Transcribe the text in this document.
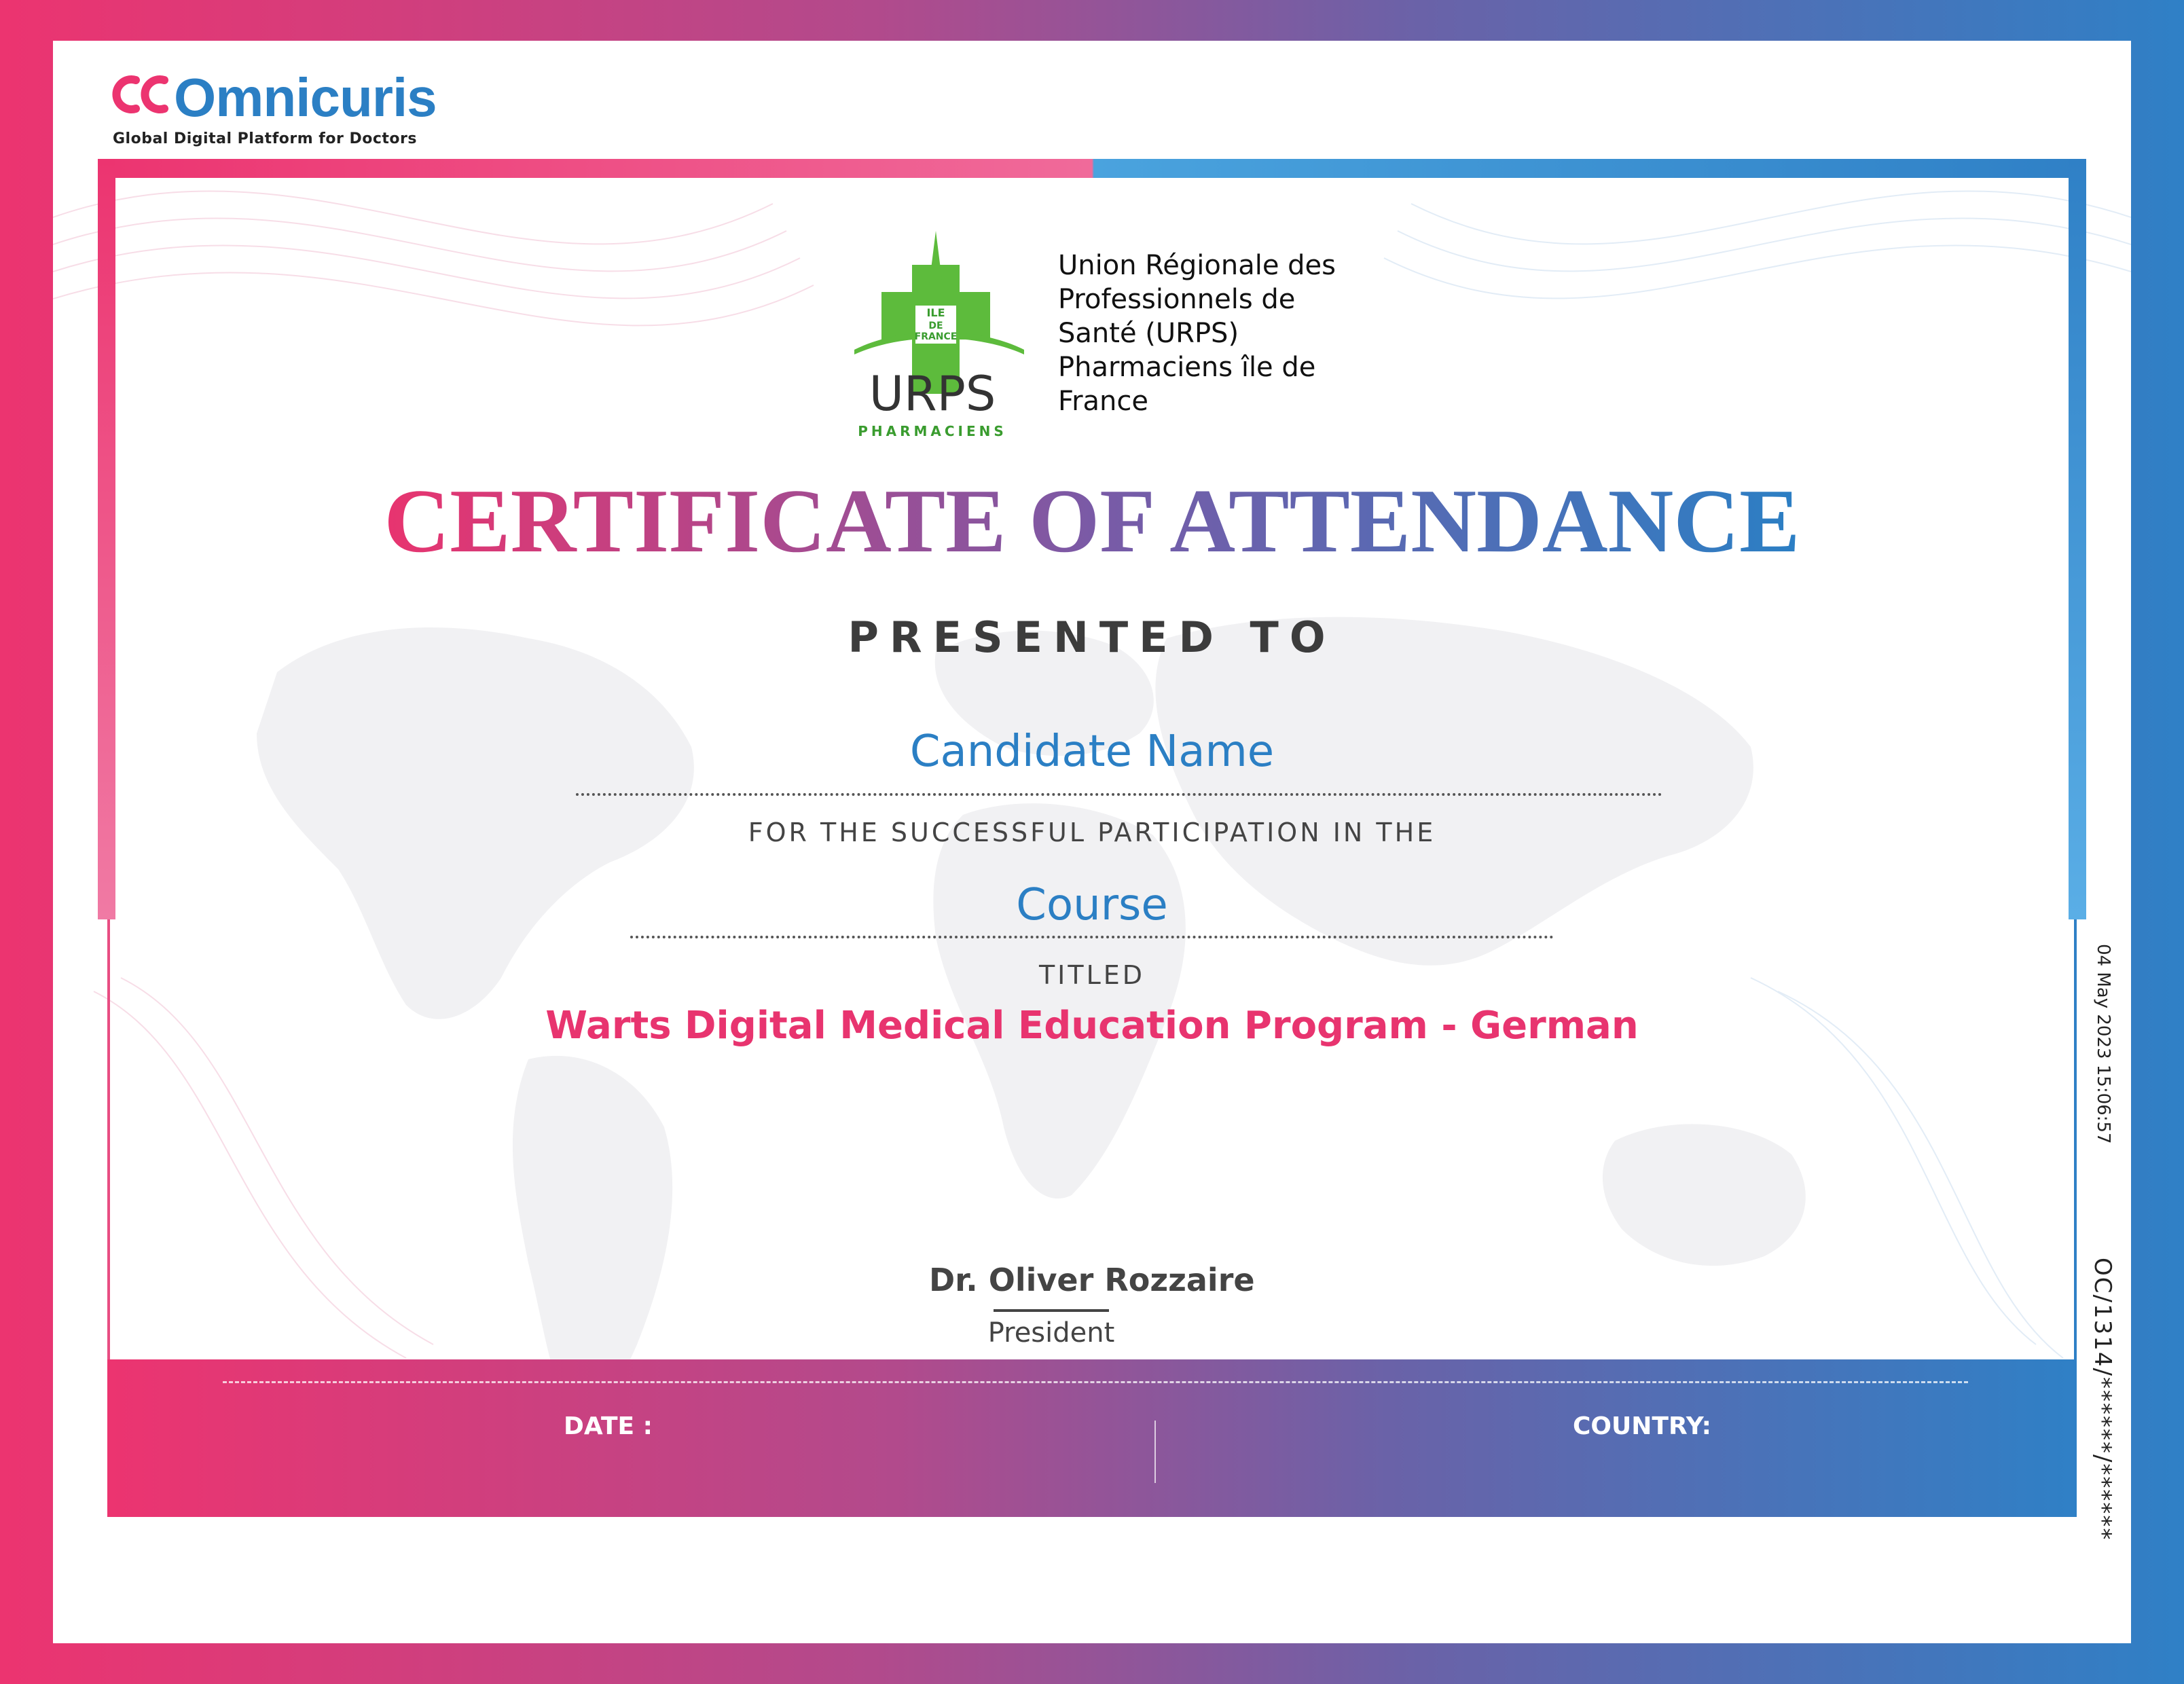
Omnicuris
Global Digital Platform for Doctors
ILE
DE
FRANCE
URPS
PHARMACIENS
Union Régionale des
Professionnels de
Santé (URPS)
Pharmaciens île de
France
CERTIFICATE OF ATTENDANCE
PRESENTED TO
Candidate Name
FOR THE SUCCESSFUL PARTICIPATION IN THE
Course
TITLED
Warts Digital Medical Education Program - German
Dr. Oliver Rozzaire
President
DATE :	COUNTRY:
04 May 2023 15:06:57
OC/1314/******/******
